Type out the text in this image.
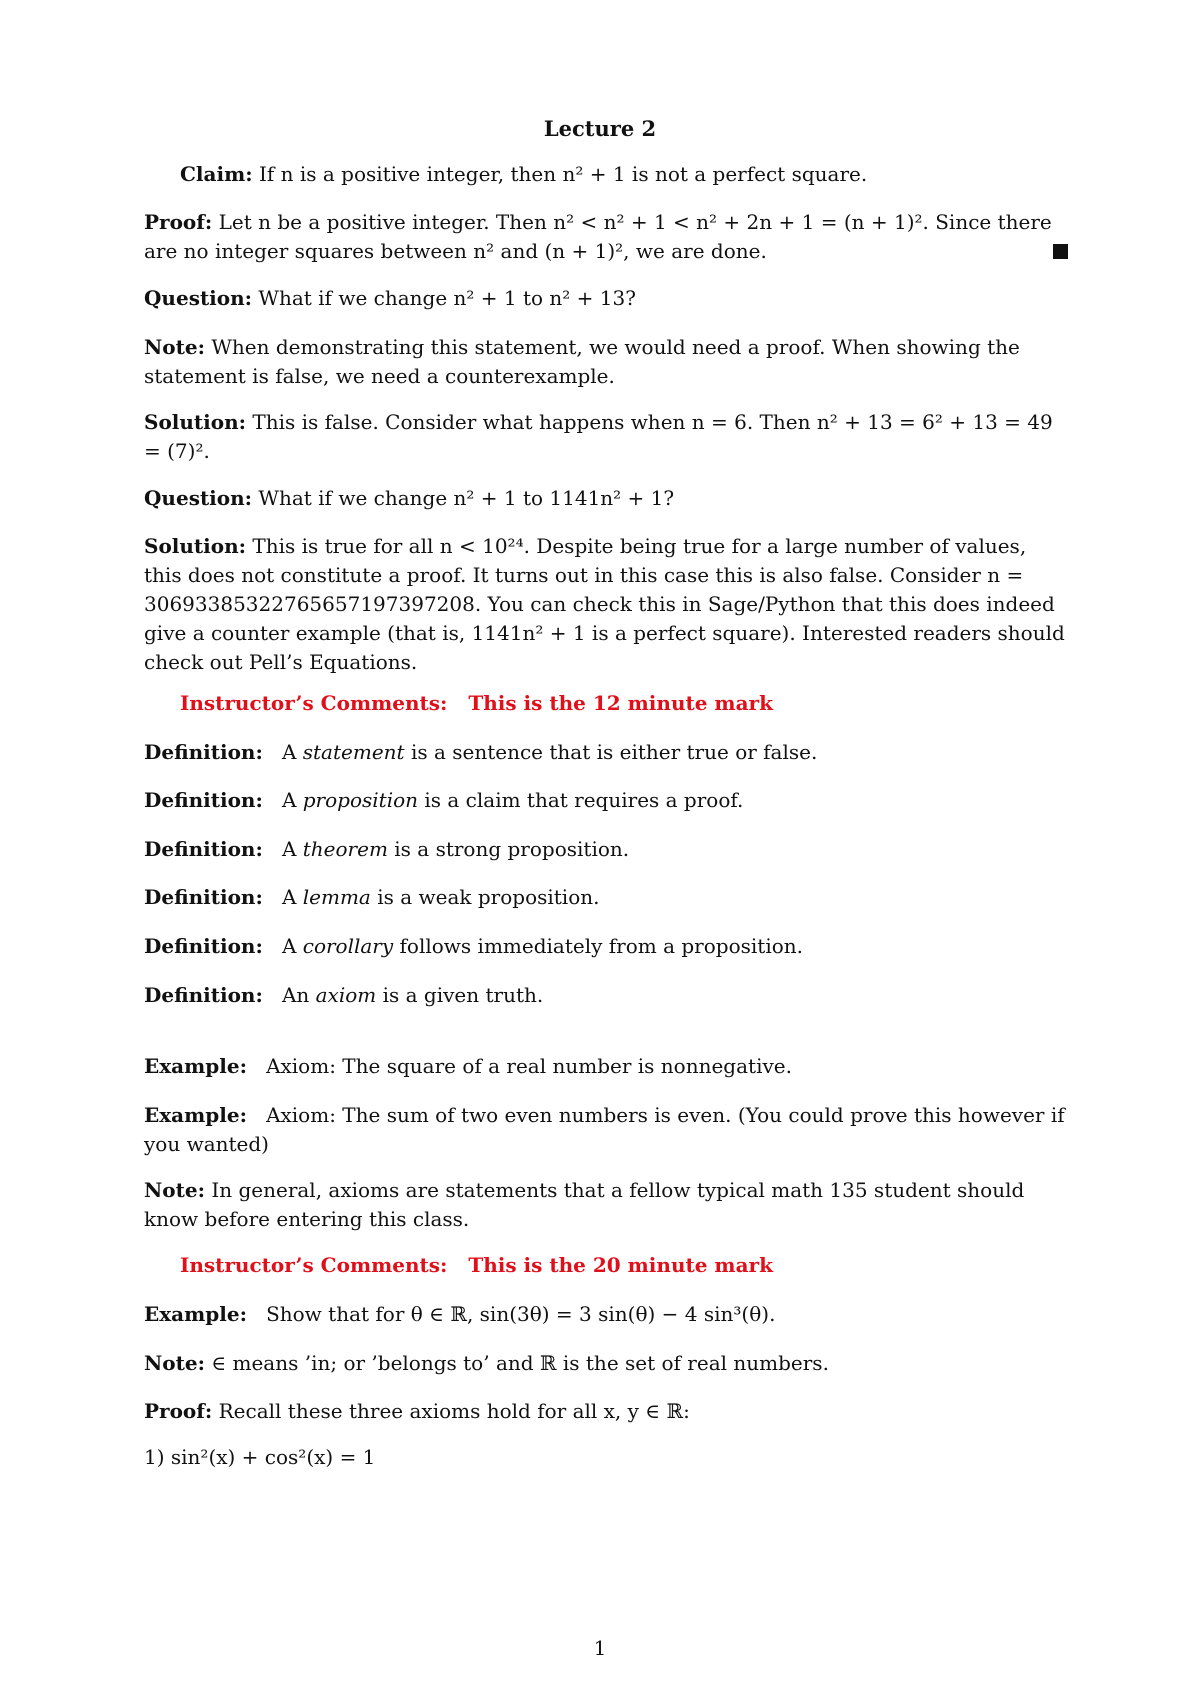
Lecture 2
Claim: If n is a positive integer, then n² + 1 is not a perfect square.
Proof: Let n be a positive integer. Then n² < n² + 1 < n² + 2n + 1 = (n + 1)². Since there are no integer squares between n² and (n + 1)², we are done.
Question: What if we change n² + 1 to n² + 13?
Note: When demonstrating this statement, we would need a proof. When showing the statement is false, we need a counterexample.
Solution: This is false. Consider what happens when n = 6. Then n² + 13 = 6² + 13 = 49 = (7)².
Question: What if we change n² + 1 to 1141n² + 1?
Solution: This is true for all n < 10²⁴. Despite being true for a large number of values, this does not constitute a proof. It turns out in this case this is also false. Consider n = 30693385322765657197397208. You can check this in Sage/Python that this does indeed give a counter example (that is, 1141n² + 1 is a perfect square). Interested readers should check out Pell’s Equations.
Instructor’s Comments: This is the 12 minute mark
Definition: A statement is a sentence that is either true or false.
Definition: A proposition is a claim that requires a proof.
Definition: A theorem is a strong proposition.
Definition: A lemma is a weak proposition.
Definition: A corollary follows immediately from a proposition.
Definition: An axiom is a given truth.
Example: Axiom: The square of a real number is nonnegative.
Example: Axiom: The sum of two even numbers is even. (You could prove this however if you wanted)
Note: In general, axioms are statements that a fellow typical math 135 student should know before entering this class.
Instructor’s Comments: This is the 20 minute mark
Example: Show that for θ ∈ ℝ, sin(3θ) = 3 sin(θ) − 4 sin³(θ).
Note: ∈ means ’in; or ’belongs to’ and ℝ is the set of real numbers.
Proof: Recall these three axioms hold for all x, y ∈ ℝ:
1) sin²(x) + cos²(x) = 1
1
